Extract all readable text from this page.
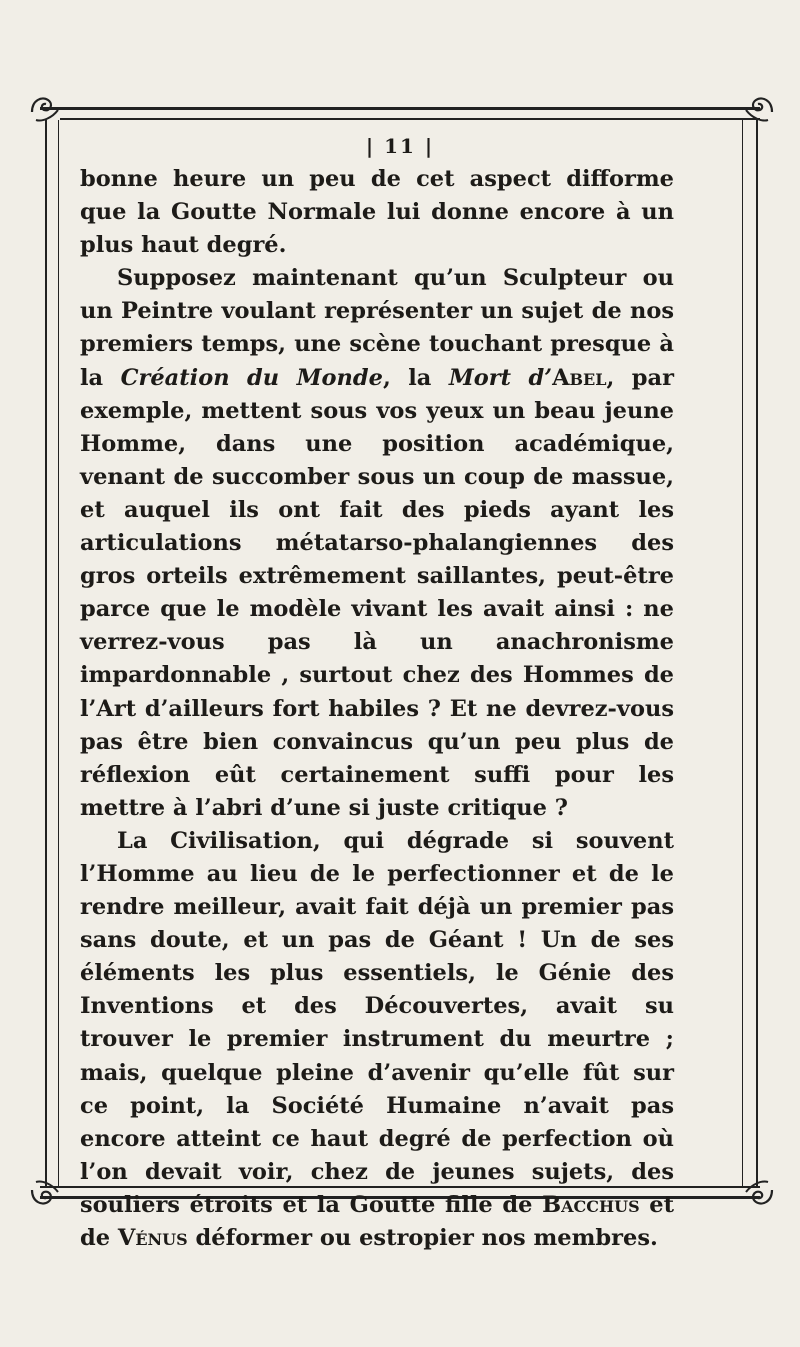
| 11 |

bonne heure un peu de cet aspect difforme que la Goutte Normale lui donne encore à un plus haut degré.

Supposez maintenant qu’un Sculpteur ou un Peintre voulant représenter un sujet de nos premiers temps, une scène touchant presque à la Création du Monde, la Mort d’Abel, par exemple, mettent sous vos yeux un beau jeune Homme, dans une position académique, venant de succomber sous un coup de massue, et auquel ils ont fait des pieds ayant les articulations métatarso-phalangiennes des gros orteils extrêmement saillantes, peut-être parce que le modèle vivant les avait ainsi : ne verrez-vous pas là un anachronisme impardonnable , surtout chez des Hommes de l’Art d’ailleurs fort habiles ? Et ne devrez-vous pas être bien convaincus qu’un peu plus de réflexion eût certainement suffi pour les mettre à l’abri d’une si juste critique ?

La Civilisation, qui dégrade si souvent l’Homme au lieu de le perfectionner et de le rendre meilleur, avait fait déjà un premier pas sans doute, et un pas de Géant ! Un de ses éléments les plus essentiels, le Génie des Inventions et des Découvertes, avait su trouver le premier instrument du meurtre ; mais, quelque pleine d’avenir qu’elle fût sur ce point, la Société Humaine n’avait pas encore atteint ce haut degré de perfection où l’on devait voir, chez de jeunes sujets, des souliers étroits et la Goutte fille de Bacchus et de Vénus déformer ou estropier nos membres.
